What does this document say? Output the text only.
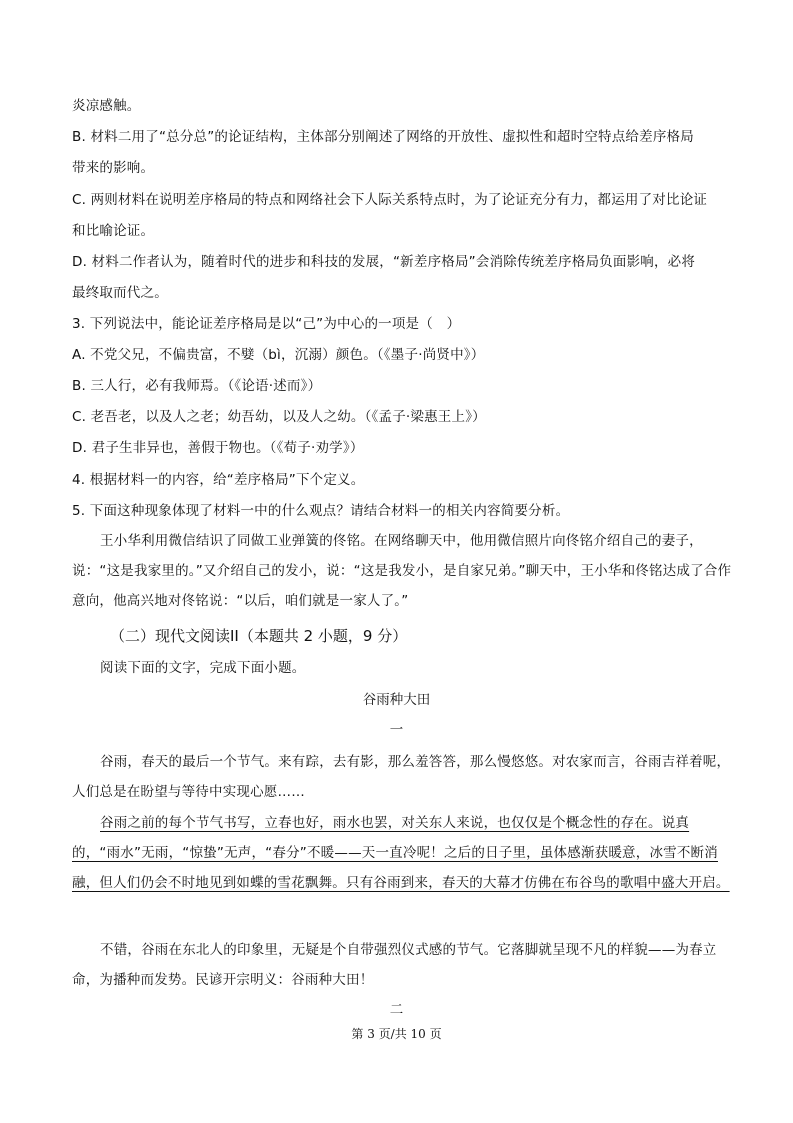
炎凉感触。
B. 材料二用了“总分总”的论证结构，主体部分别阐述了网络的开放性、虚拟性和超时空特点给差序格局
带来的影响。
C. 两则材料在说明差序格局的特点和网络社会下人际关系特点时，为了论证充分有力，都运用了对比论证
和比喻论证。
D. 材料二作者认为，随着时代的进步和科技的发展，“新差序格局”会消除传统差序格局负面影响，必将
最终取而代之。
3. 下列说法中，能论证差序格局是以“己”为中心的一项是（　）
A. 不党父兄，不偏贵富，不嬖（bì，沉溺）颜色。（《墨子·尚贤中》）
B. 三人行，必有我师焉。（《论语·述而》）
C. 老吾老，以及人之老；幼吾幼，以及人之幼。（《孟子·梁惠王上》）
D. 君子生非异也，善假于物也。（《荀子·劝学》）
4. 根据材料一的内容，给“差序格局”下个定义。
5. 下面这种现象体现了材料一中的什么观点？请结合材料一的相关内容简要分析。
王小华利用微信结识了同做工业弹簧的佟铭。在网络聊天中，他用微信照片向佟铭介绍自己的妻子，说：“这是我家里的。”又介绍自己的发小，说：“这是我发小，是自家兄弟。”聊天中，王小华和佟铭达成了合作意向，他高兴地对佟铭说：“以后，咱们就是一家人了。”
（二）现代文阅读II（本题共 2 小题，9 分）
阅读下面的文字，完成下面小题。
谷雨种大田
一
谷雨，春天的最后一个节气。来有踪，去有影，那么羞答答，那么慢悠悠。对农家而言，谷雨吉祥着呢，人们总是在盼望与等待中实现心愿……
谷雨之前的每个节气书写，立春也好，雨水也罢，对关东人来说，也仅仅是个概念性的存在。说真的，“雨水”无雨，“惊蛰”无声，“春分”不暖——天一直冷呢！之后的日子里，虽体感渐获暖意，冰雪不断消融，但人们仍会不时地见到如蝶的雪花飘舞。只有谷雨到来，春天的大幕才仿佛在布谷鸟的歌唱中盛大开启。
不错，谷雨在东北人的印象里，无疑是个自带强烈仪式感的节气。它落脚就呈现不凡的样貌——为春立命，为播种而发势。民谚开宗明义：谷雨种大田！
二
第 3 页/共 10 页
